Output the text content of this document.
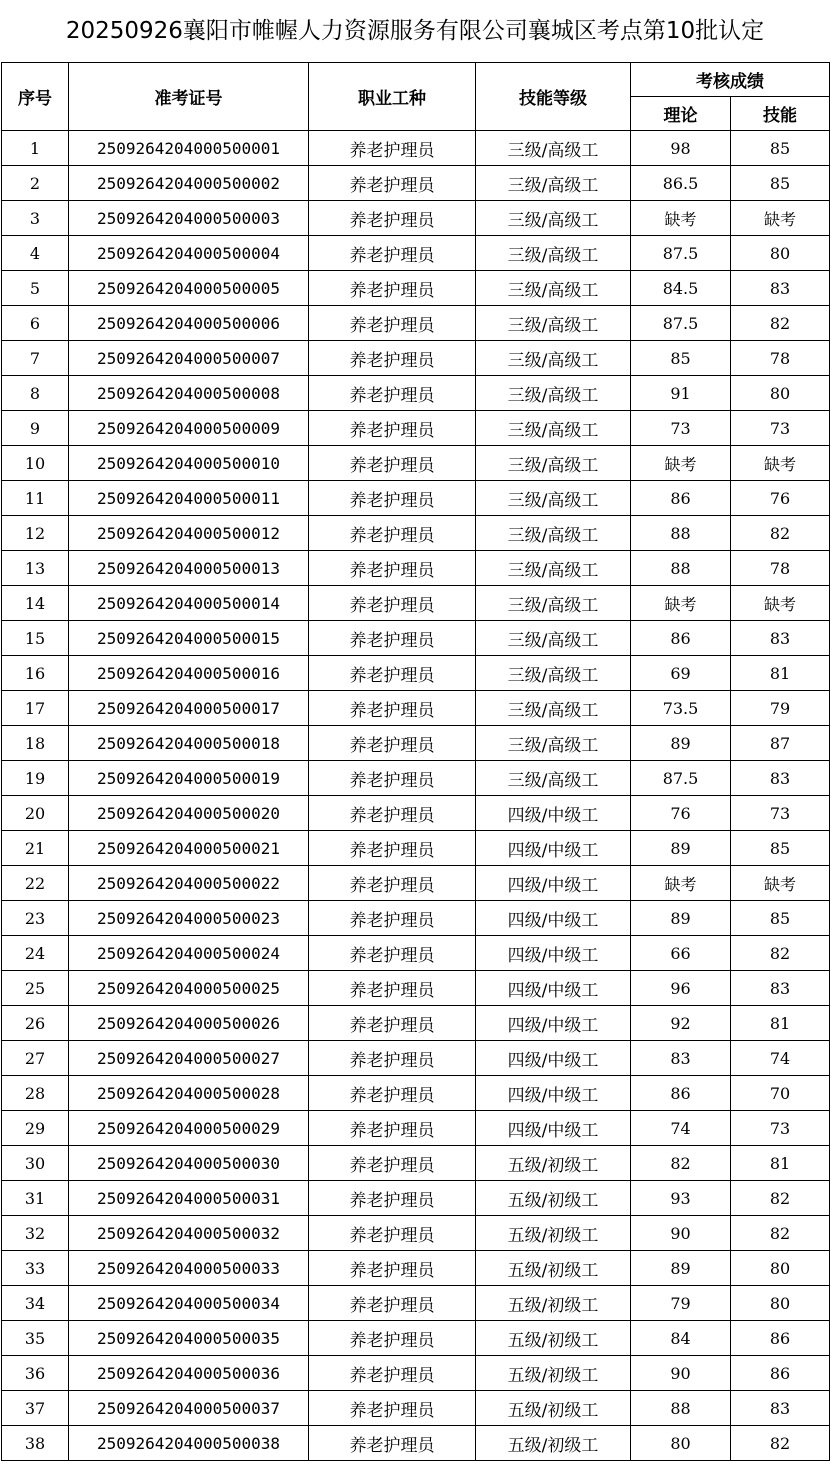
20250926襄阳市帷幄人力资源服务有限公司襄城区考点第10批认定
序号	准考证号	职业工种	技能等级	考核成绩	
				理论	技能
1	2509264204000500001	养老护理员	三级/高级工	98	85
2	2509264204000500002	养老护理员	三级/高级工	86.5	85
3	2509264204000500003	养老护理员	三级/高级工	缺考	缺考
4	2509264204000500004	养老护理员	三级/高级工	87.5	80
5	2509264204000500005	养老护理员	三级/高级工	84.5	83
6	2509264204000500006	养老护理员	三级/高级工	87.5	82
7	2509264204000500007	养老护理员	三级/高级工	85	78
8	2509264204000500008	养老护理员	三级/高级工	91	80
9	2509264204000500009	养老护理员	三级/高级工	73	73
10	2509264204000500010	养老护理员	三级/高级工	缺考	缺考
11	2509264204000500011	养老护理员	三级/高级工	86	76
12	2509264204000500012	养老护理员	三级/高级工	88	82
13	2509264204000500013	养老护理员	三级/高级工	88	78
14	2509264204000500014	养老护理员	三级/高级工	缺考	缺考
15	2509264204000500015	养老护理员	三级/高级工	86	83
16	2509264204000500016	养老护理员	三级/高级工	69	81
17	2509264204000500017	养老护理员	三级/高级工	73.5	79
18	2509264204000500018	养老护理员	三级/高级工	89	87
19	2509264204000500019	养老护理员	三级/高级工	87.5	83
20	2509264204000500020	养老护理员	四级/中级工	76	73
21	2509264204000500021	养老护理员	四级/中级工	89	85
22	2509264204000500022	养老护理员	四级/中级工	缺考	缺考
23	2509264204000500023	养老护理员	四级/中级工	89	85
24	2509264204000500024	养老护理员	四级/中级工	66	82
25	2509264204000500025	养老护理员	四级/中级工	96	83
26	2509264204000500026	养老护理员	四级/中级工	92	81
27	2509264204000500027	养老护理员	四级/中级工	83	74
28	2509264204000500028	养老护理员	四级/中级工	86	70
29	2509264204000500029	养老护理员	四级/中级工	74	73
30	2509264204000500030	养老护理员	五级/初级工	82	81
31	2509264204000500031	养老护理员	五级/初级工	93	82
32	2509264204000500032	养老护理员	五级/初级工	90	82
33	2509264204000500033	养老护理员	五级/初级工	89	80
34	2509264204000500034	养老护理员	五级/初级工	79	80
35	2509264204000500035	养老护理员	五级/初级工	84	86
36	2509264204000500036	养老护理员	五级/初级工	90	86
37	2509264204000500037	养老护理员	五级/初级工	88	83
38	2509264204000500038	养老护理员	五级/初级工	80	82
